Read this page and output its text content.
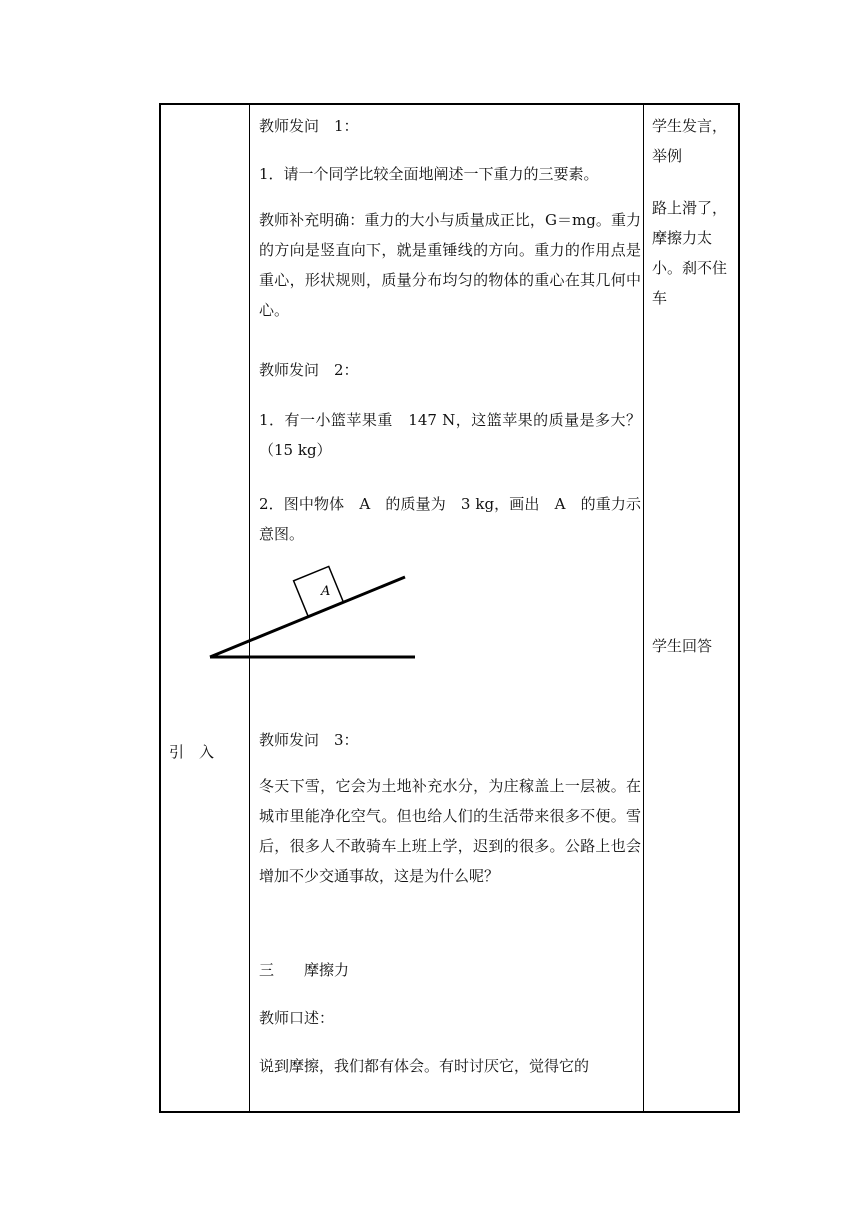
引　入
教师发问　1：
1．请一个同学比较全面地阐述一下重力的三要素。
教师补充明确：重力的大小与质量成正比，G＝mg。重力的方向是竖直向下，就是重锤线的方向。重力的作用点是重心，形状规则，质量分布均匀的物体的重心在其几何中心。
教师发问　2：
1．有一小篮苹果重　147 N，这篮苹果的质量是多大？（15 kg）
2．图中物体　A　的质量为　3 kg，画出　A　的重力示意图。
教师发问　3：
冬天下雪，它会为土地补充水分，为庄稼盖上一层被。在城市里能净化空气。但也给人们的生活带来很多不便。雪后，很多人不敢骑车上班上学，迟到的很多。公路上也会增加不少交通事故，这是为什么呢？
三　　摩擦力
教师口述：
说到摩擦，我们都有体会。有时讨厌它，觉得它的
学生发言，举例
路上滑了，摩擦力太小。刹不住车
学生回答
A
